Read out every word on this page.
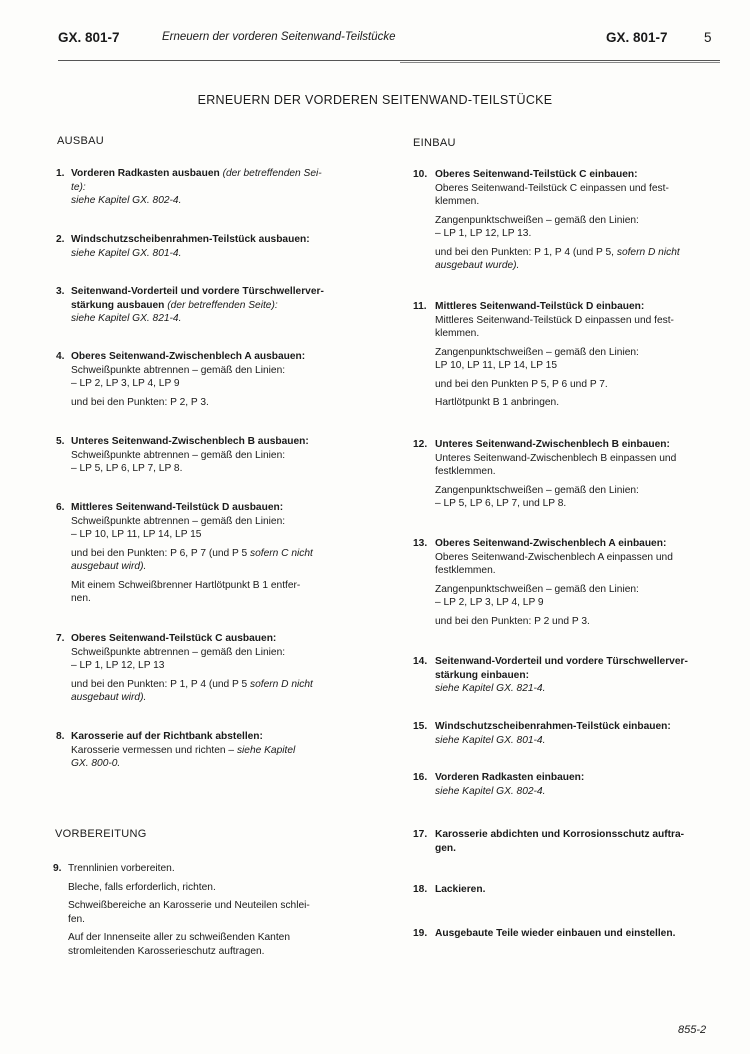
GX. 801-7	Erneuern der vorderen Seitenwand-Teilstücke	GX. 801-7	5
ERNEUERN DER VORDEREN SEITENWAND-TEILSTÜCKE
AUSBAU
1. Vorderen Radkasten ausbauen (der betreffenden Sei-

te):

siehe Kapitel GX. 802-4.

2. Windschutzscheibenrahmen-Teilstück ausbauen:

siehe Kapitel GX. 801-4.

3. Seitenwand-Vorderteil und vordere Türschwellerver-

stärkung ausbauen (der betreffenden Seite):

siehe Kapitel GX. 821-4.

4. Oberes Seitenwand-Zwischenblech A ausbauen:

Schweißpunkte abtrennen – gemäß den Linien:

– LP 2, LP 3, LP 4, LP 9

und bei den Punkten: P 2, P 3.

5. Unteres Seitenwand-Zwischenblech B ausbauen:

Schweißpunkte abtrennen – gemäß den Linien:

– LP 5, LP 6, LP 7, LP 8.

6. Mittleres Seitenwand-Teilstück D ausbauen:

Schweißpunkte abtrennen – gemäß den Linien:

– LP 10, LP 11, LP 14, LP 15

und bei den Punkten: P 6, P 7 (und P 5 sofern C nicht

ausgebaut wird).

Mit einem Schweißbrenner Hartlötpunkt B 1 entfer-

nen.

7. Oberes Seitenwand-Teilstück C ausbauen:

Schweißpunkte abtrennen – gemäß den Linien:

– LP 1, LP 12, LP 13

und bei den Punkten: P 1, P 4 (und P 5 sofern D nicht

ausgebaut wird).

8. Karosserie auf der Richtbank abstellen:

Karosserie vermessen und richten – siehe Kapitel

GX. 800-0.

VORBEREITUNG
9. Trennlinien vorbereiten.

Bleche, falls erforderlich, richten.

Schweißbereiche an Karosserie und Neuteilen schlei-

fen.

Auf der Innenseite aller zu schweißenden Kanten

stromleitenden Karosserieschutz auftragen.

EINBAU
10. Oberes Seitenwand-Teilstück C einbauen:

Oberes Seitenwand-Teilstück C einpassen und fest-

klemmen.

Zangenpunktschweißen – gemäß den Linien:

– LP 1, LP 12, LP 13.

und bei den Punkten: P 1, P 4 (und P 5, sofern D nicht

ausgebaut wurde).

11. Mittleres Seitenwand-Teilstück D einbauen:

Mittleres Seitenwand-Teilstück D einpassen und fest-

klemmen.

Zangenpunktschweißen – gemäß den Linien:

LP 10, LP 11, LP 14, LP 15

und bei den Punkten P 5, P 6 und P 7.

Hartlötpunkt B 1 anbringen.

12. Unteres Seitenwand-Zwischenblech B einbauen:

Unteres Seitenwand-Zwischenblech B einpassen und

festklemmen.

Zangenpunktschweißen – gemäß den Linien:

– LP 5, LP 6, LP 7, und LP 8.

13. Oberes Seitenwand-Zwischenblech A einbauen:

Oberes Seitenwand-Zwischenblech A einpassen und

festklemmen.

Zangenpunktschweißen – gemäß den Linien:

– LP 2, LP 3, LP 4, LP 9

und bei den Punkten: P 2 und P 3.

14. Seitenwand-Vorderteil und vordere Türschwellerver-

stärkung einbauen:

siehe Kapitel GX. 821-4.

15. Windschutzscheibenrahmen-Teilstück einbauen:

siehe Kapitel GX. 801-4.

16. Vorderen Radkasten einbauen:

siehe Kapitel GX. 802-4.

17. Karosserie abdichten und Korrosionsschutz auftra-

gen.

18. Lackieren.

19. Ausgebaute Teile wieder einbauen und einstellen.

855-2
